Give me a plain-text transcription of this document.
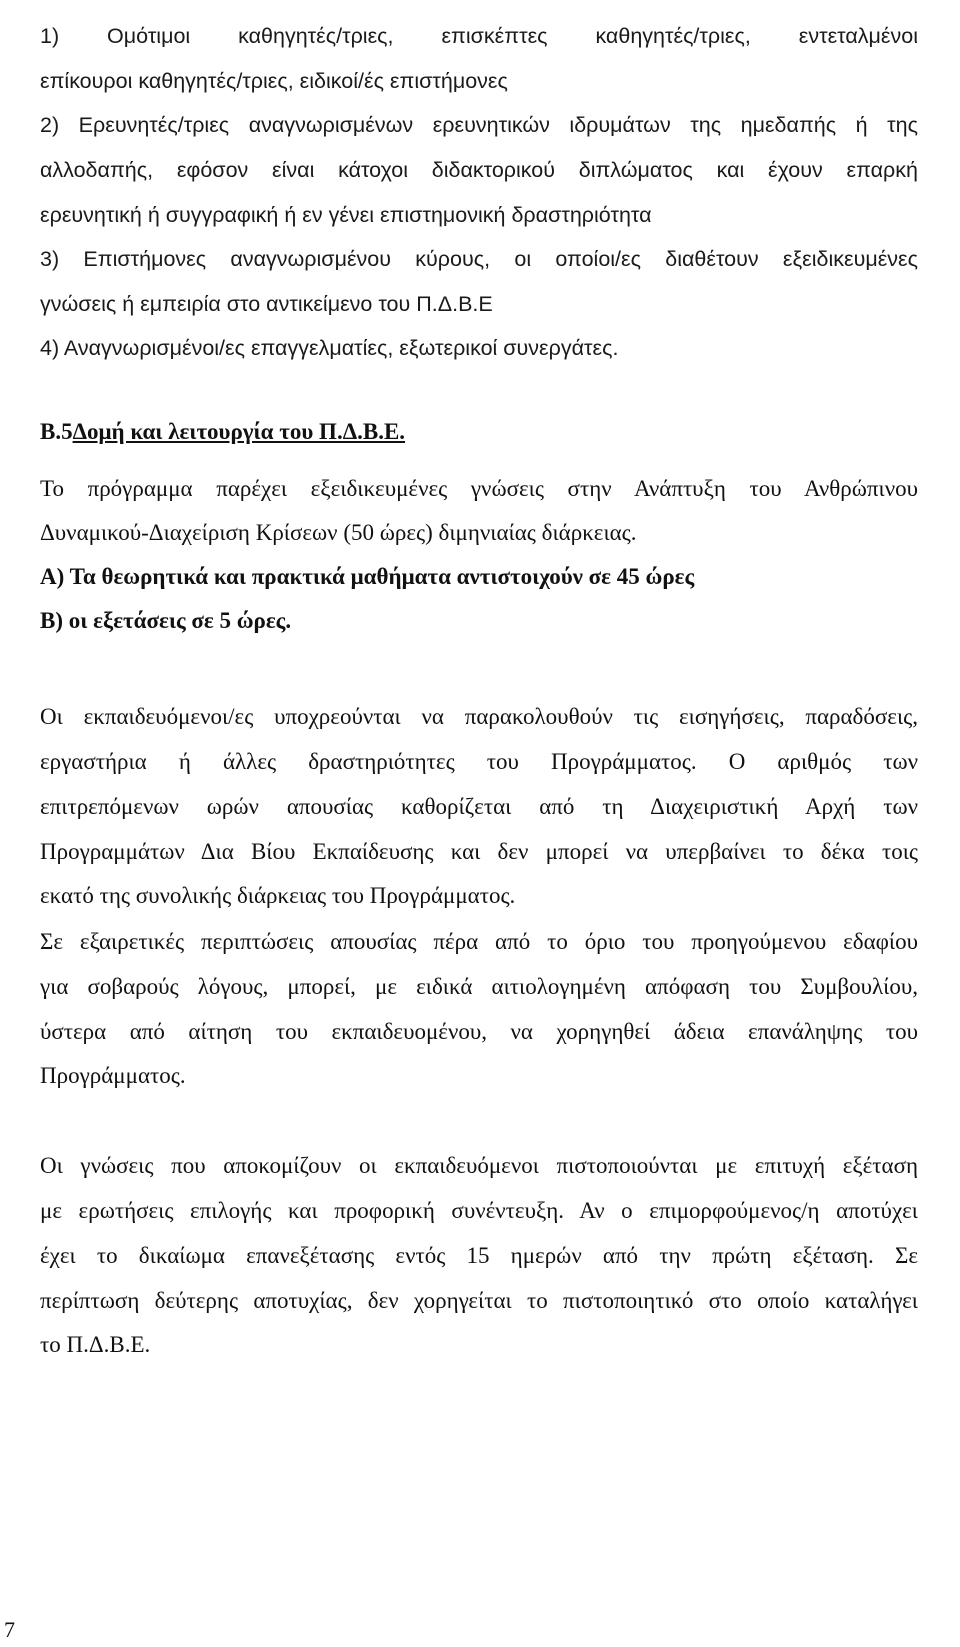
1) Ομότιμοι καθηγητές/τριες, επισκέπτες καθηγητές/τριες, εντεταλμένοι
επίκουροι καθηγητές/τριες, ειδικοί/ές επιστήμονες
2) Ερευνητές/τριες αναγνωρισμένων ερευνητικών ιδρυμάτων της ημεδαπής ή της
αλλοδαπής, εφόσον είναι κάτοχοι διδακτορικού διπλώματος και έχουν επαρκή
ερευνητική ή συγγραφική ή εν γένει επιστημονική δραστηριότητα
3) Επιστήμονες αναγνωρισμένου κύρους, οι οποίοι/ες διαθέτουν εξειδικευμένες
γνώσεις ή εμπειρία στο αντικείμενο του Π.Δ.Β.Ε
4) Αναγνωρισμένοι/ες επαγγελματίες, εξωτερικοί συνεργάτες.
Β.5Δομή και λειτουργία του Π.Δ.Β.Ε.
Το πρόγραμμα παρέχει εξειδικευμένες γνώσεις στην Ανάπτυξη του Ανθρώπινου
Δυναμικού-Διαχείριση Κρίσεων (50 ώρες) διμηνιαίας διάρκειας.
Α) Τα θεωρητικά και πρακτικά μαθήματα αντιστοιχούν σε 45 ώρες
Β) οι εξετάσεις σε 5 ώρες.
Οι εκπαιδευόμενοι/ες υποχρεούνται να παρακολουθούν τις εισηγήσεις, παραδόσεις,
εργαστήρια ή άλλες δραστηριότητες του Προγράμματος. Ο αριθμός των
επιτρεπόμενων ωρών απουσίας καθορίζεται από τη Διαχειριστική Αρχή των
Προγραμμάτων Δια Βίου Εκπαίδευσης και δεν μπορεί να υπερβαίνει το δέκα τοις
εκατό της συνολικής διάρκειας του Προγράμματος.
Σε εξαιρετικές περιπτώσεις απουσίας πέρα από το όριο του προηγούμενου εδαφίου
για σοβαρούς λόγους, μπορεί, με ειδικά αιτιολογημένη απόφαση του Συμβουλίου,
ύστερα από αίτηση του εκπαιδευομένου, να χορηγηθεί άδεια επανάληψης του
Προγράμματος.
Οι γνώσεις που αποκομίζουν οι εκπαιδευόμενοι πιστοποιούνται με επιτυχή εξέταση
με ερωτήσεις επιλογής και προφορική συνέντευξη. Αν ο επιμορφούμενος/η αποτύχει
έχει το δικαίωμα επανεξέτασης εντός 15 ημερών από την πρώτη εξέταση. Σε
περίπτωση δεύτερης αποτυχίας, δεν χορηγείται το πιστοποιητικό στο οποίο καταλήγει
το Π.Δ.Β.Ε.
7
